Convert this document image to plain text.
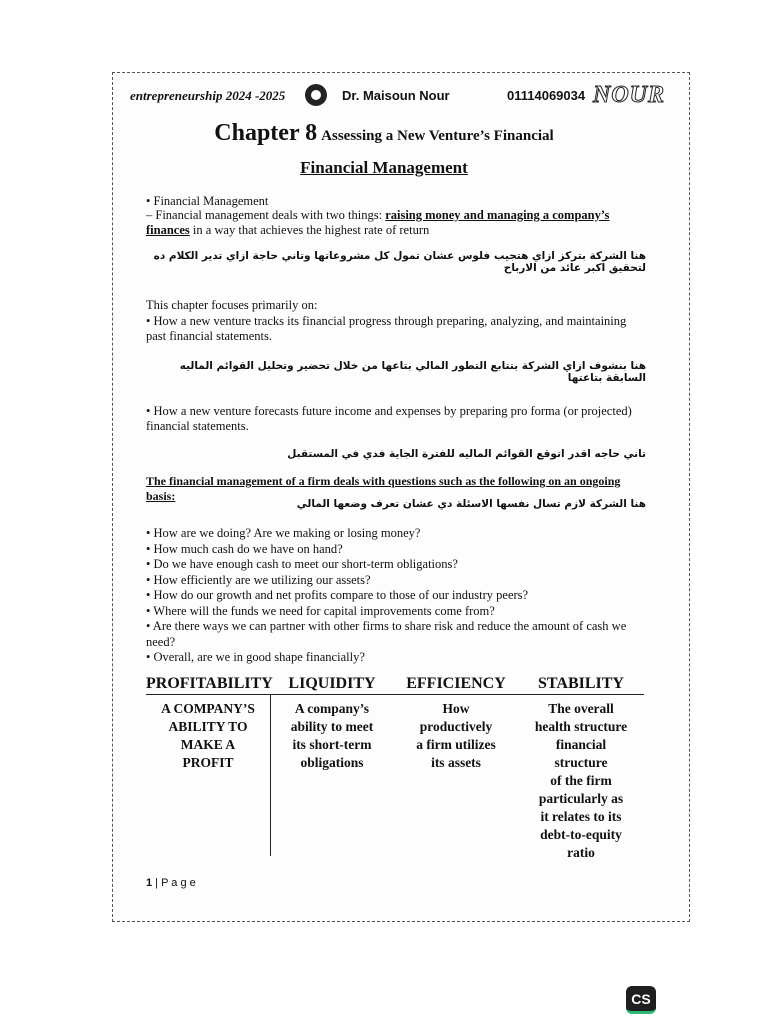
entrepreneurship 2024 -2025	Dr. Maisoun Nour	01114069034 NOUR
Chapter 8 Assessing a New Venture’s Financial
Financial Management
• Financial Management
– Financial management deals with two things: raising money and managing a company’s finances in a way that achieves the highest rate of return
هنا الشركة بتركز ازاي هتجيب فلوس عشان تمول كل مشروعاتها وتاني حاجة ازاي تدير الكلام ده لتحقيق اكبر عائد من الارباح
This chapter focuses primarily on:
• How a new venture tracks its financial progress through preparing, analyzing, and maintaining past financial statements.
هنا بنشوف ازاي الشركة بتتابع التطور المالي بتاعها من خلال تحضير وتحليل القوائم الماليه السابقة بتاعتها
• How a new venture forecasts future income and expenses by preparing pro forma (or projected) financial statements.
تاني حاجه اقدر اتوقع القوائم الماليه للفترة الجاية فدي في المستقبل
The financial management of a firm deals with questions such as the following on an ongoing basis:
هنا الشركة لازم تسال نفسها الاسئلة دي عشان تعرف وضعها المالي
• How are we doing? Are we making or losing money?
• How much cash do we have on hand?
• Do we have enough cash to meet our short-term obligations?
• How efficiently are we utilizing our assets?
• How do our growth and net profits compare to those of our industry peers?
• Where will the funds we need for capital improvements come from?
• Are there ways we can partner with other firms to share risk and reduce the amount of cash we need?
• Overall, are we in good shape financially?
PROFITABILITY
A COMPANY’S
ABILITY TO
MAKE A
PROFIT
LIQUIDITY
A company’s
ability to meet
its short-term
obligations
EFFICIENCY
How
productively
a firm utilizes
its assets
STABILITY
The overall
health structure
financial
structure
of the firm
particularly as
it relates to its
debt-to-equity
ratio
1 | P a g e
CS
